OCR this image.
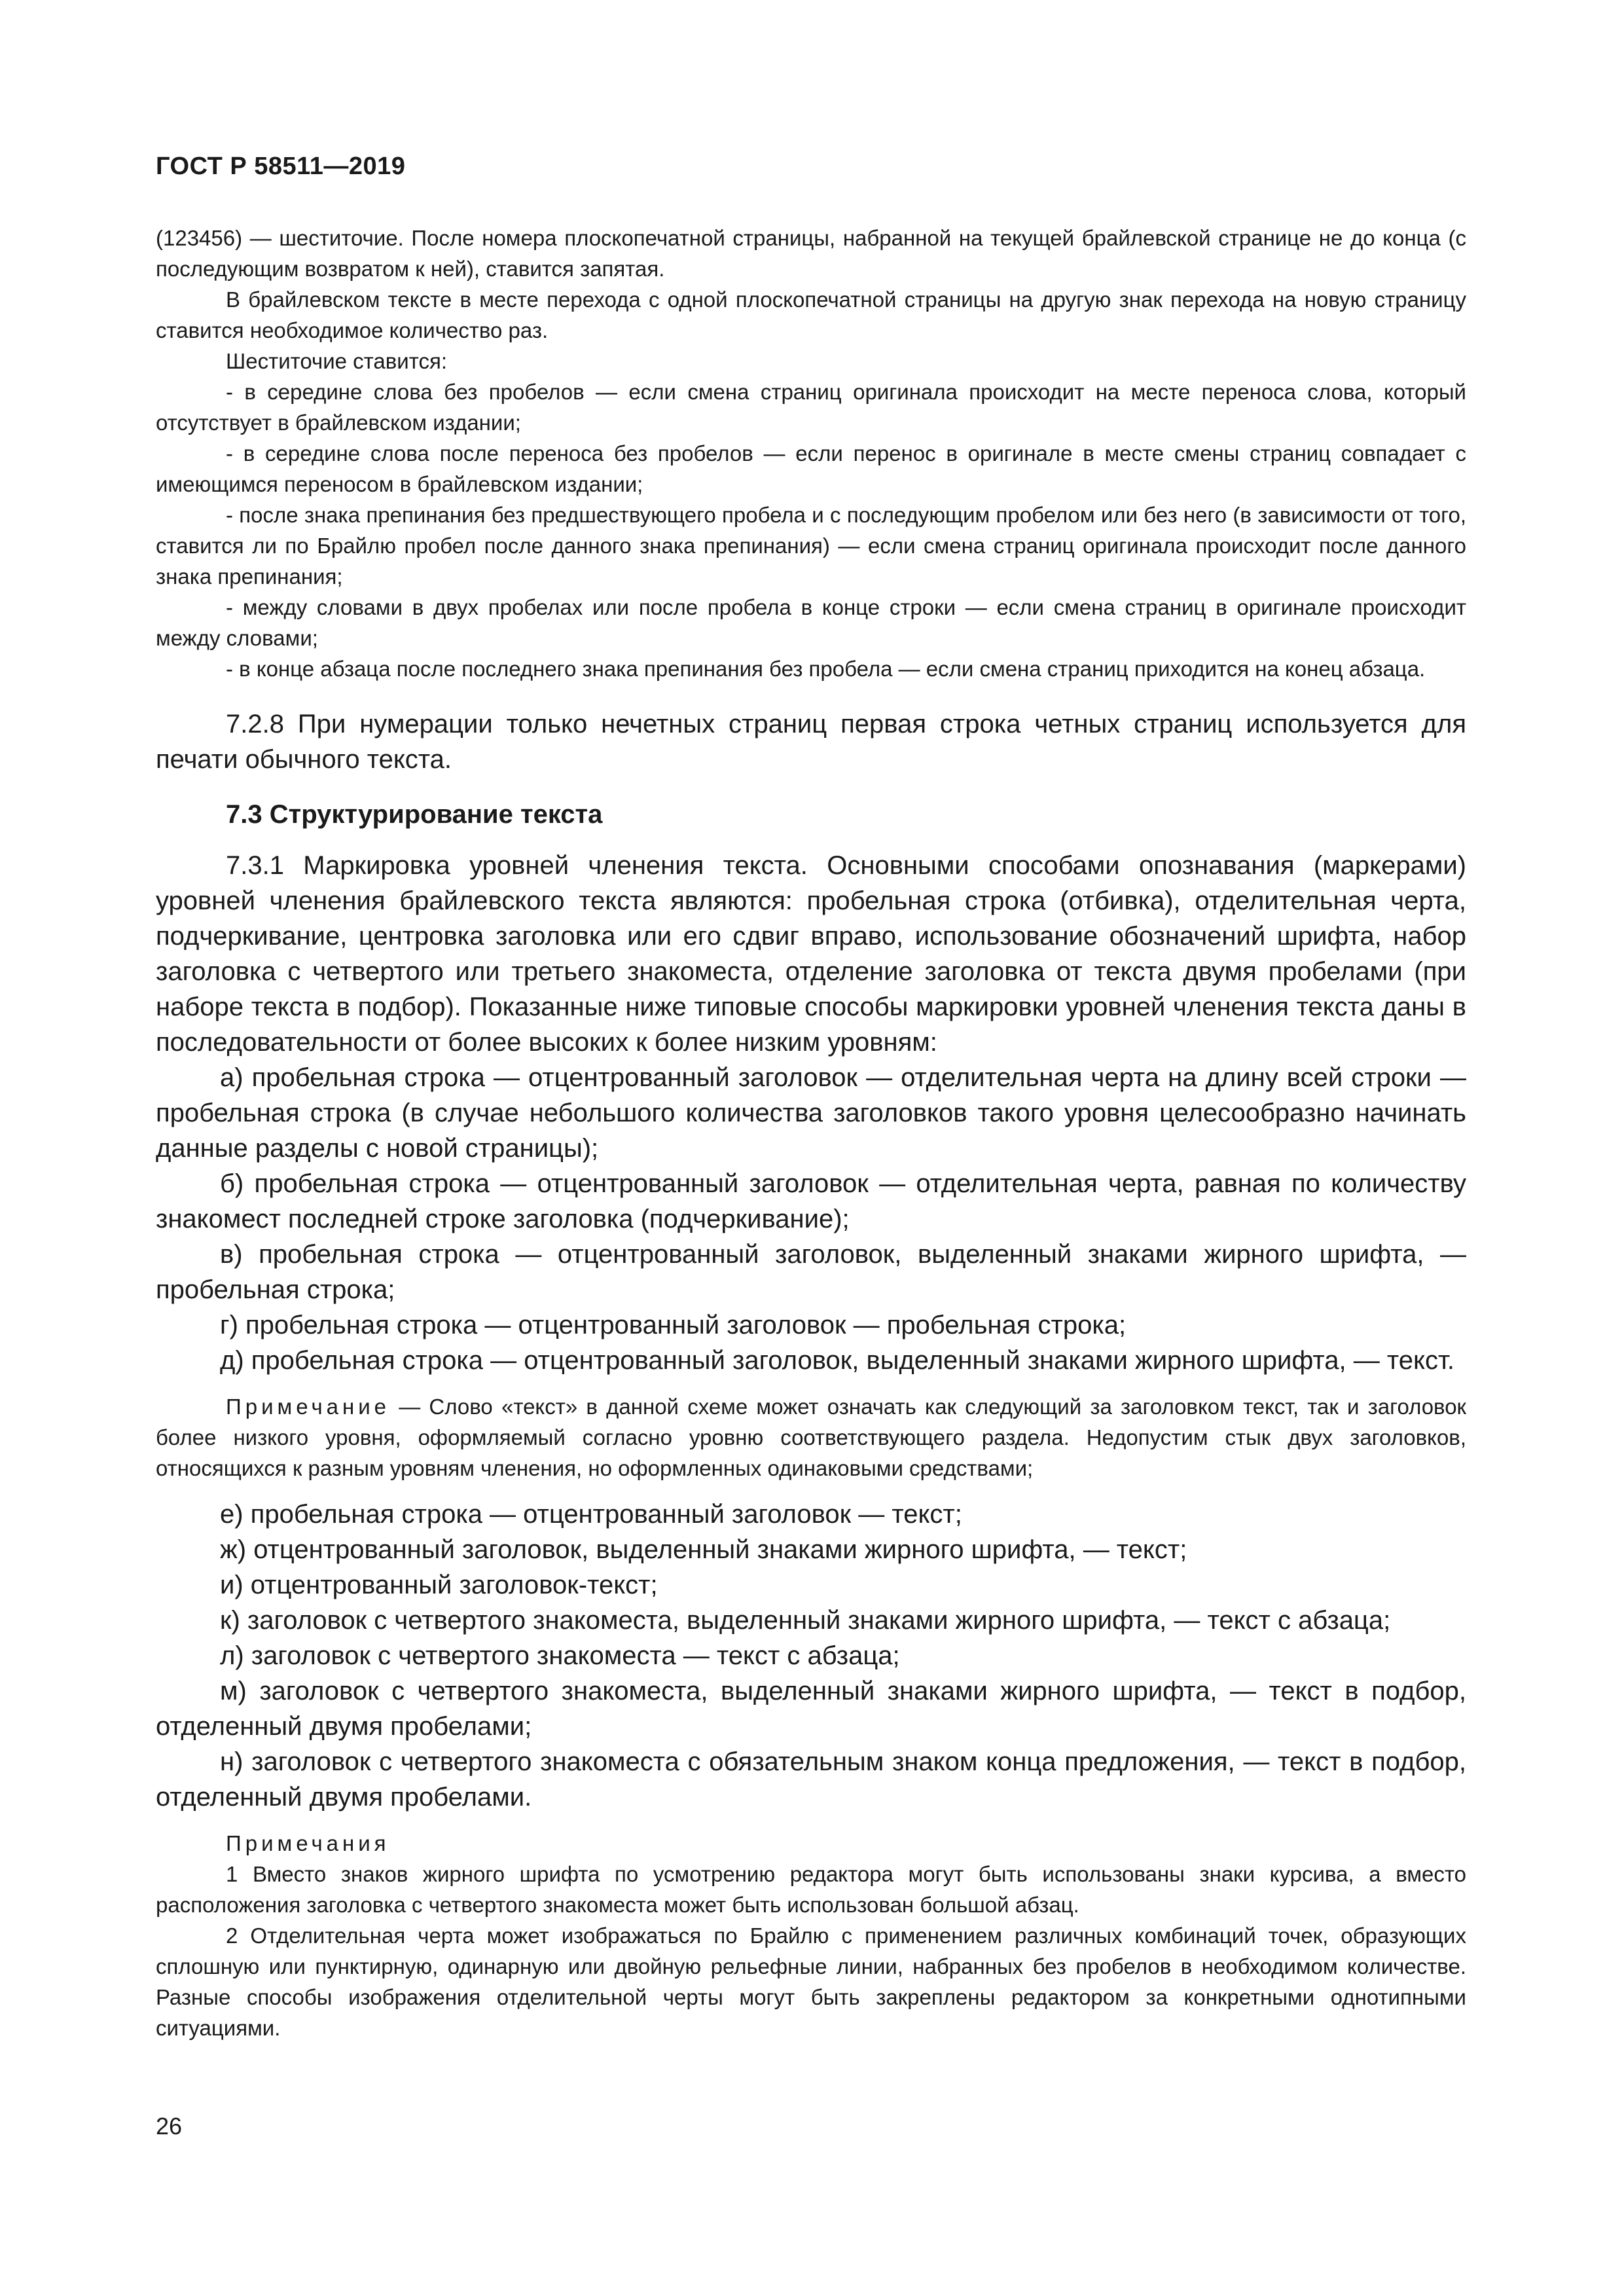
ГОСТ Р 58511—2019

(123456) — шеститочие. После номера плоскопечатной страницы, набранной на текущей брайлевской странице не до конца (с последующим возвратом к ней), ставится запятая.

В брайлевском тексте в месте перехода с одной плоскопечатной страницы на другую знак перехода на новую страницу ставится необходимое количество раз.

Шеститочие ставится:

- в середине слова без пробелов — если смена страниц оригинала происходит на месте переноса слова, который отсутствует в брайлевском издании;

- в середине слова после переноса без пробелов — если перенос в оригинале в месте смены страниц совпадает с имеющимся переносом в брайлевском издании;

- после знака препинания без предшествующего пробела и с последующим пробелом или без него (в зависимости от того, ставится ли по Брайлю пробел после данного знака препинания) — если смена страниц оригинала происходит после данного знака препинания;

- между словами в двух пробелах или после пробела в конце строки — если смена страниц в оригинале происходит между словами;

- в конце абзаца после последнего знака препинания без пробела — если смена страниц приходится на конец абзаца.

7.2.8 При нумерации только нечетных страниц первая строка четных страниц используется для печати обычного текста.

7.3 Структурирование текста

7.3.1 Маркировка уровней членения текста. Основными способами опознавания (маркерами) уровней членения брайлевского текста являются: пробельная строка (отбивка), отделительная черта, подчеркивание, центровка заголовка или его сдвиг вправо, использование обозначений шрифта, набор заголовка с четвертого или третьего знакоместа, отделение заголовка от текста двумя пробелами (при наборе текста в подбор). Показанные ниже типовые способы маркировки уровней членения текста даны в последовательности от более высоких к более низким уровням:

а) пробельная строка — отцентрованный заголовок — отделительная черта на длину всей строки — пробельная строка (в случае небольшого количества заголовков такого уровня целесообразно начинать данные разделы с новой страницы);

б) пробельная строка — отцентрованный заголовок — отделительная черта, равная по количеству знакомест последней строке заголовка (подчеркивание);

в) пробельная строка — отцентрованный заголовок, выделенный знаками жирного шрифта, — пробельная строка;

г) пробельная строка — отцентрованный заголовок — пробельная строка;

д) пробельная строка — отцентрованный заголовок, выделенный знаками жирного шрифта, — текст.

Примечание — Слово «текст» в данной схеме может означать как следующий за заголовком текст, так и заголовок более низкого уровня, оформляемый согласно уровню соответствующего раздела. Недопустим стык двух заголовков, относящихся к разным уровням членения, но оформленных одинаковыми средствами;

е) пробельная строка — отцентрованный заголовок — текст;

ж) отцентрованный заголовок, выделенный знаками жирного шрифта, — текст;

и) отцентрованный заголовок-текст;

к) заголовок с четвертого знакоместа, выделенный знаками жирного шрифта, — текст с абзаца;

л) заголовок с четвертого знакоместа — текст с абзаца;

м) заголовок с четвертого знакоместа, выделенный знаками жирного шрифта, — текст в подбор, отделенный двумя пробелами;

н) заголовок с четвертого знакоместа с обязательным знаком конца предложения, — текст в подбор, отделенный двумя пробелами.

Примечания

1 Вместо знаков жирного шрифта по усмотрению редактора могут быть использованы знаки курсива, а вместо расположения заголовка с четвертого знакоместа может быть использован большой абзац.

2 Отделительная черта может изображаться по Брайлю с применением различных комбинаций точек, образующих сплошную или пунктирную, одинарную или двойную рельефные линии, набранных без пробелов в необходимом количестве. Разные способы изображения отделительной черты могут быть закреплены редактором за конкретными однотипными ситуациями.

26
